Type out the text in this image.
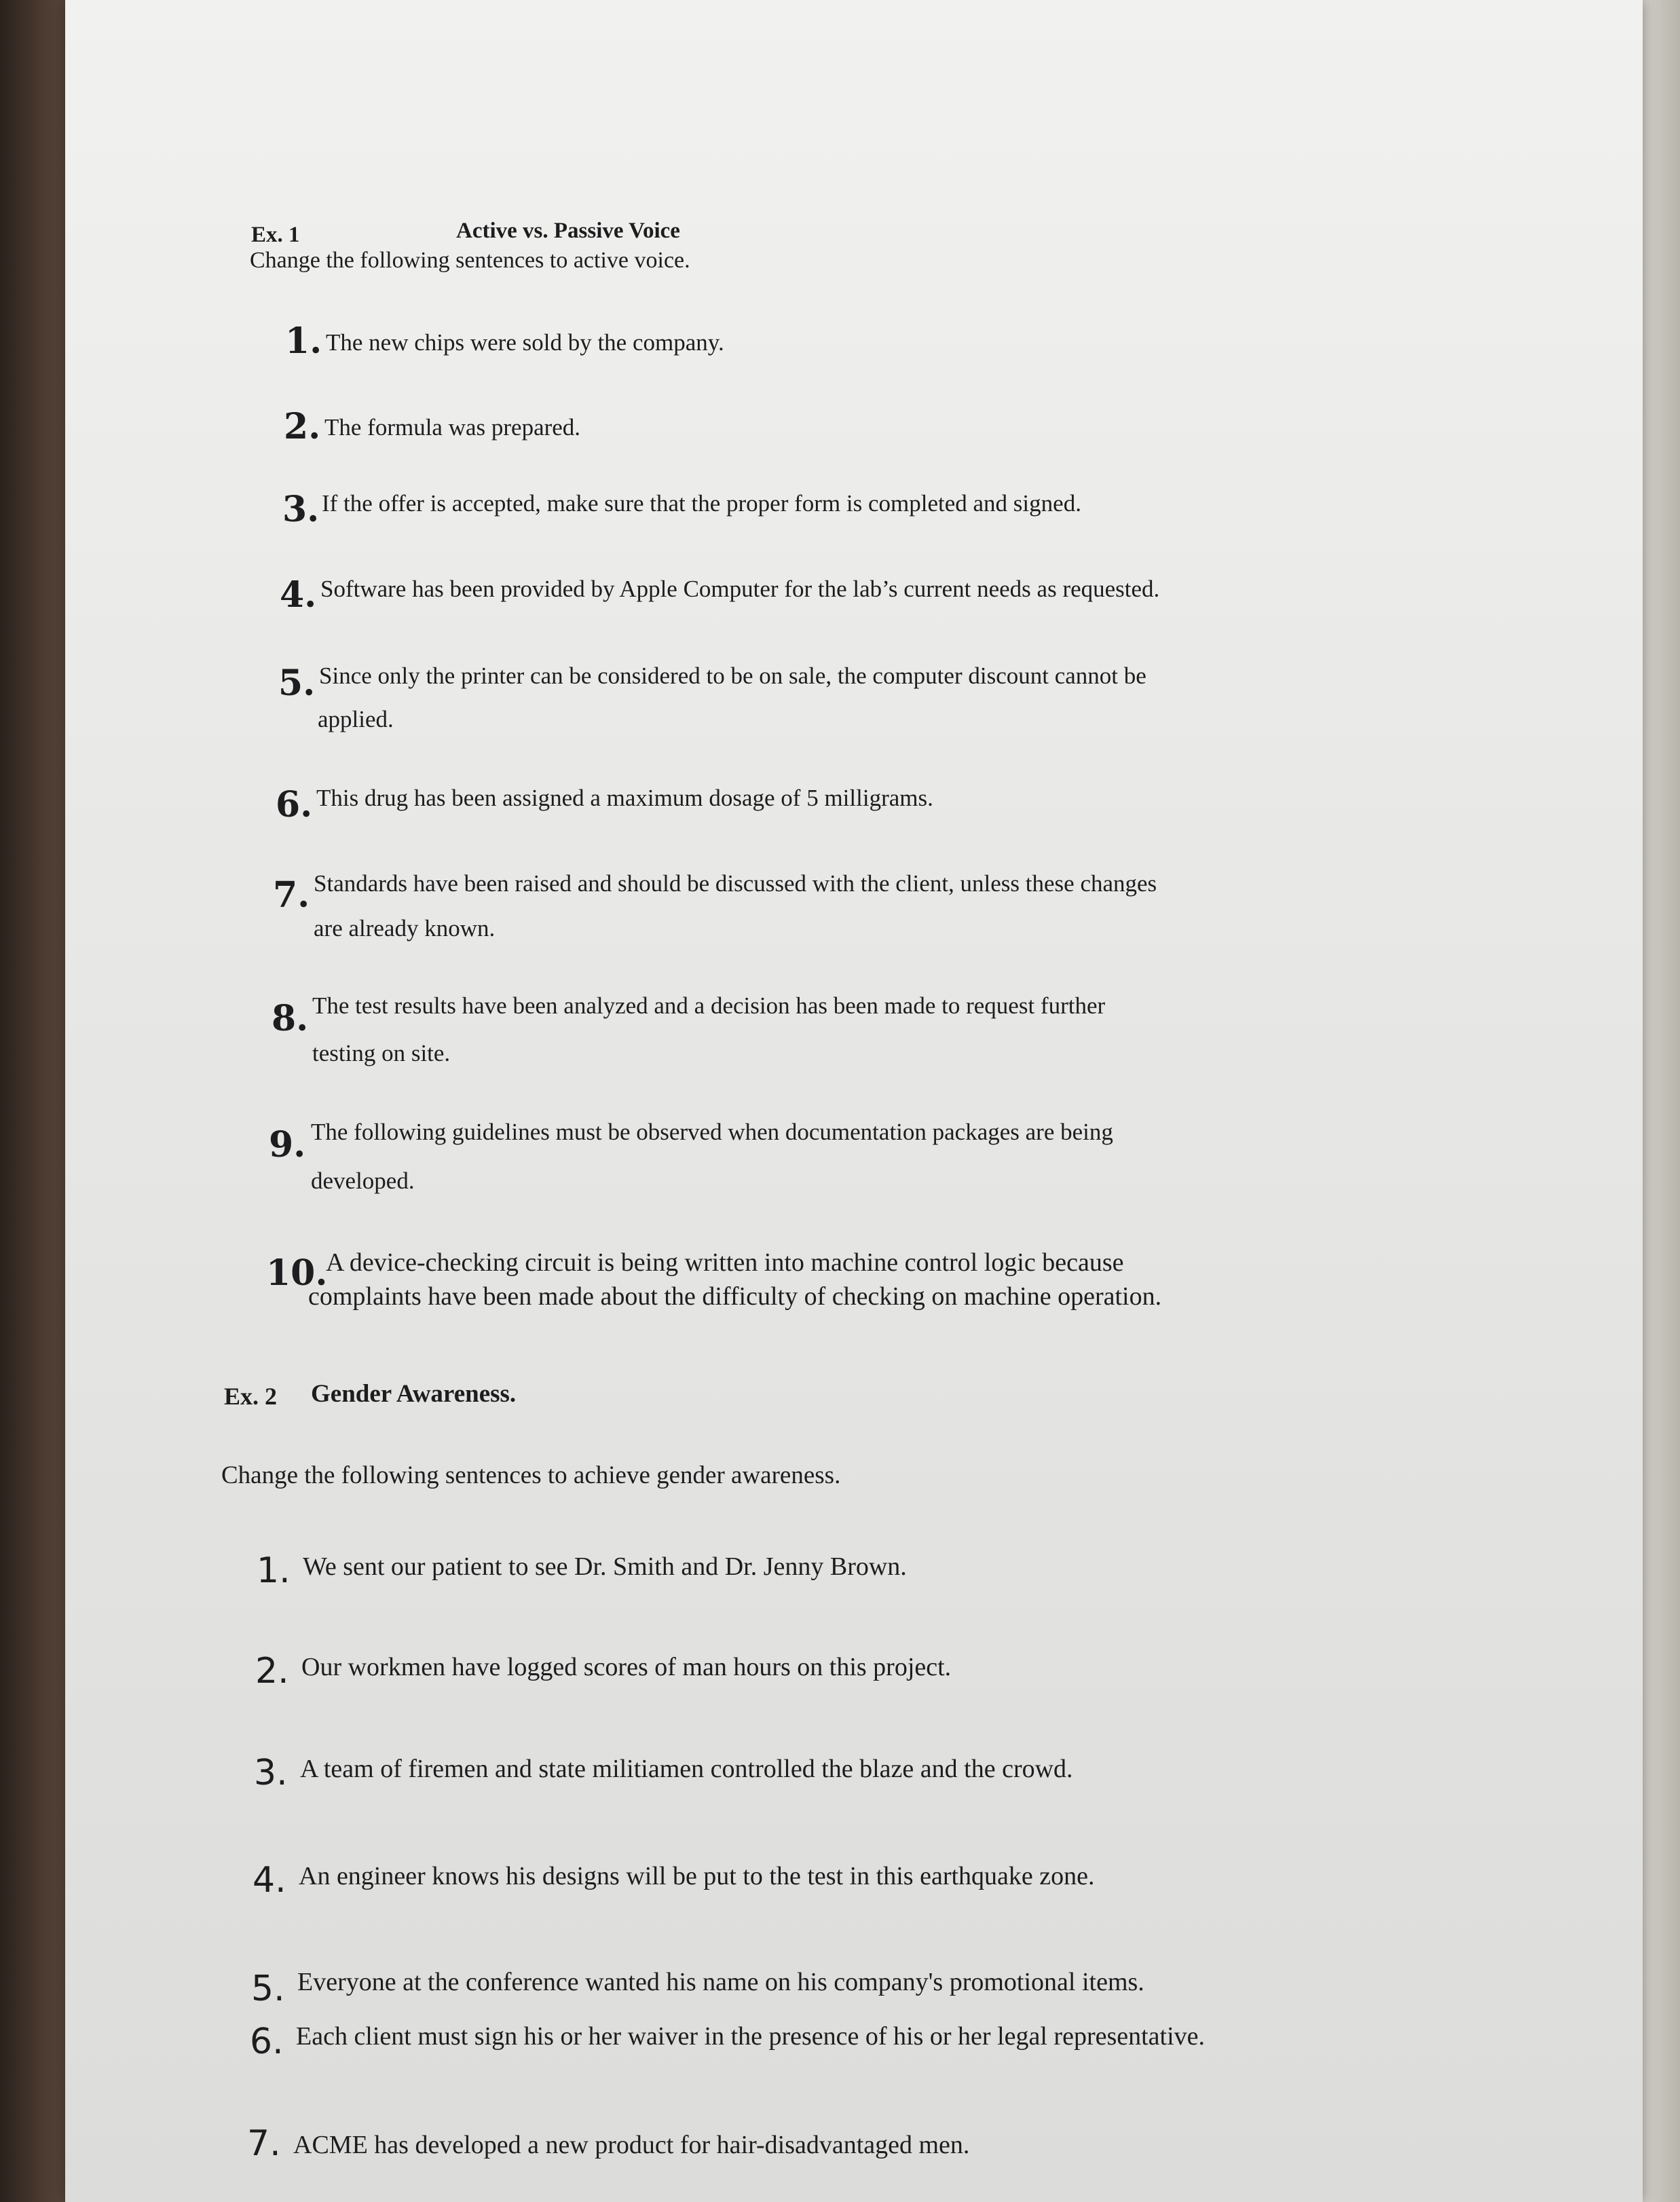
Ex. 1	Active vs. Passive Voice
Change the following sentences to active voice.
1. The new chips were sold by the company.
2. The formula was prepared.
3. If the offer is accepted, make sure that the proper form is completed and signed.
4. Software has been provided by Apple Computer for the lab’s current needs as requested.
5. Since only the printer can be considered to be on sale, the computer discount cannot be
applied.
6. This drug has been assigned a maximum dosage of 5 milligrams.
7. Standards have been raised and should be discussed with the client, unless these changes
are already known.
8. The test results have been analyzed and a decision has been made to request further
testing on site.
9. The following guidelines must be observed when documentation packages are being
developed.
10.
A device-checking circuit is being written into machine control logic because
complaints have been made about the difficulty of checking on machine operation.
Ex. 2 Gender Awareness.
Change the following sentences to achieve gender awareness.
1. We sent our patient to see Dr. Smith and Dr. Jenny Brown.
2. Our workmen have logged scores of man hours on this project.
3. A team of firemen and state militiamen controlled the blaze and the crowd.
4. An engineer knows his designs will be put to the test in this earthquake zone.
5. Everyone at the conference wanted his name on his company's promotional items.
6. Each client must sign his or her waiver in the presence of his or her legal representative.
7. ACME has developed a new product for hair-disadvantaged men.
